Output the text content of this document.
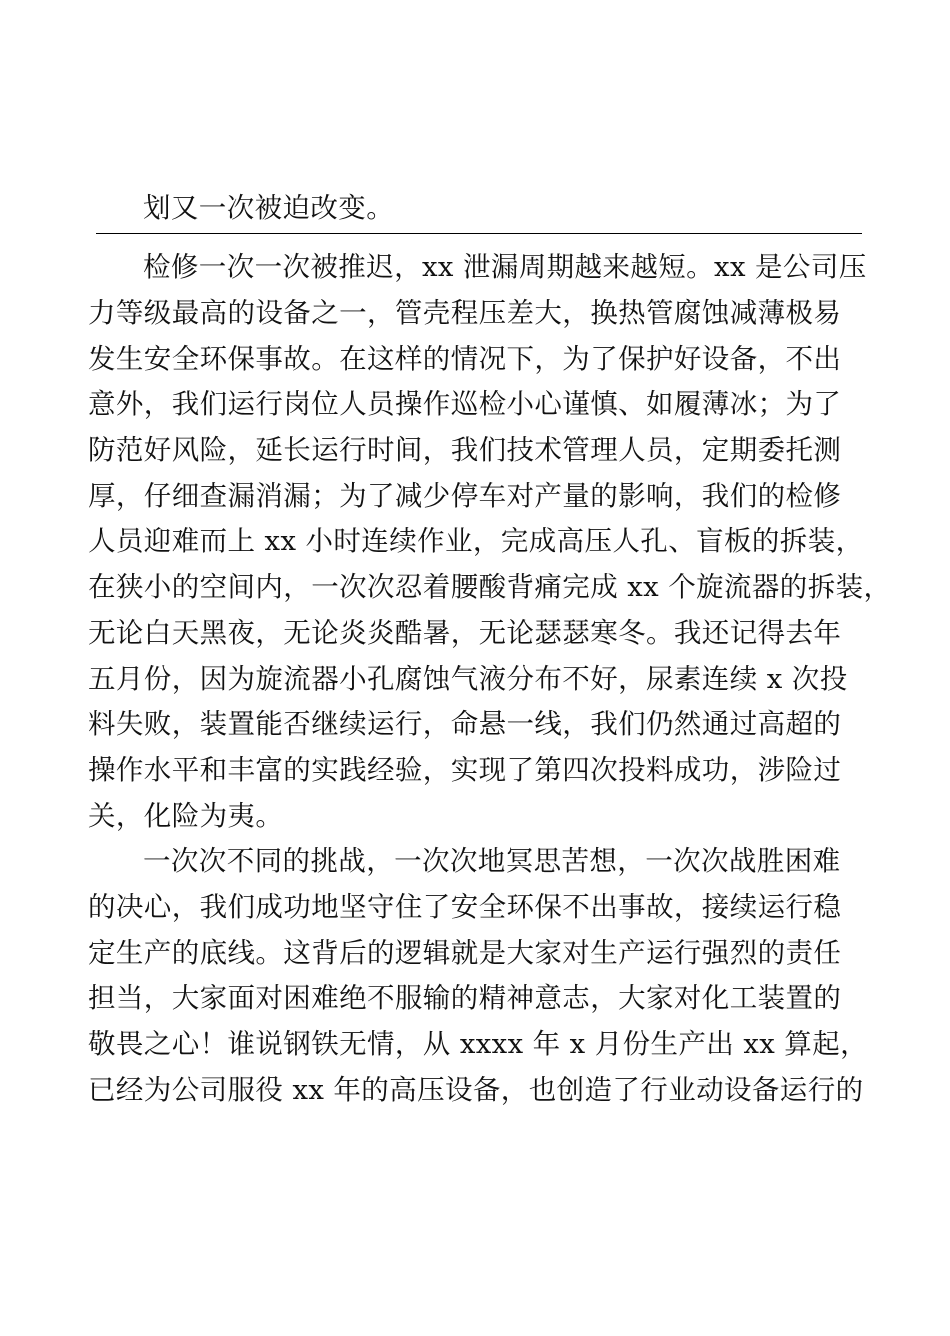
划又一次被迫改变。
检修一次一次被推迟，xx 泄漏周期越来越短。xx 是公司压
力等级最高的设备之一，管壳程压差大，换热管腐蚀减薄极易
发生安全环保事故。在这样的情况下，为了保护好设备，不出
意外，我们运行岗位人员操作巡检小心谨慎、如履薄冰；为了
防范好风险，延长运行时间，我们技术管理人员，定期委托测
厚，仔细查漏消漏；为了减少停车对产量的影响，我们的检修
人员迎难而上 xx 小时连续作业，完成高压人孔、盲板的拆装，
在狭小的空间内，一次次忍着腰酸背痛完成 xx 个旋流器的拆装，
无论白天黑夜，无论炎炎酷暑，无论瑟瑟寒冬。我还记得去年
五月份，因为旋流器小孔腐蚀气液分布不好，尿素连续 x 次投
料失败，装置能否继续运行，命悬一线，我们仍然通过高超的
操作水平和丰富的实践经验，实现了第四次投料成功，涉险过
关，化险为夷。
一次次不同的挑战，一次次地冥思苦想，一次次战胜困难
的决心，我们成功地坚守住了安全环保不出事故，接续运行稳
定生产的底线。这背后的逻辑就是大家对生产运行强烈的责任
担当，大家面对困难绝不服输的精神意志，大家对化工装置的
敬畏之心！谁说钢铁无情，从 xxxx 年 x 月份生产出 xx 算起，
已经为公司服役 xx 年的高压设备，也创造了行业动设备运行的
